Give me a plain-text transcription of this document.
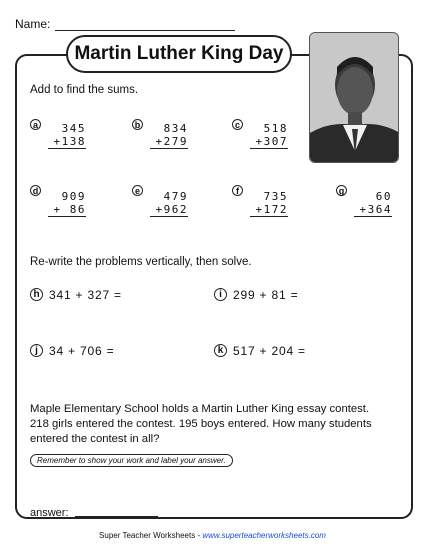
Name:
Martin Luther King Day
Add to find the sums.
a	345
+138
b	834
+279
c	518
+307
d	909
+ 86
e	479
+962
f	735
+172
g	60
+364
Re-write the problems vertically, then solve.
h 341 + 327 =	i 299 + 81 =
j 34 + 706 =	k 517 + 204 =
Maple Elementary School holds a Martin Luther King essay contest. 218 girls entered the contest. 195 boys entered. How many students entered the contest in all?
Remember to show your work and label your answer.
answer:
Super Teacher Worksheets - www.superteacherworksheets.com
